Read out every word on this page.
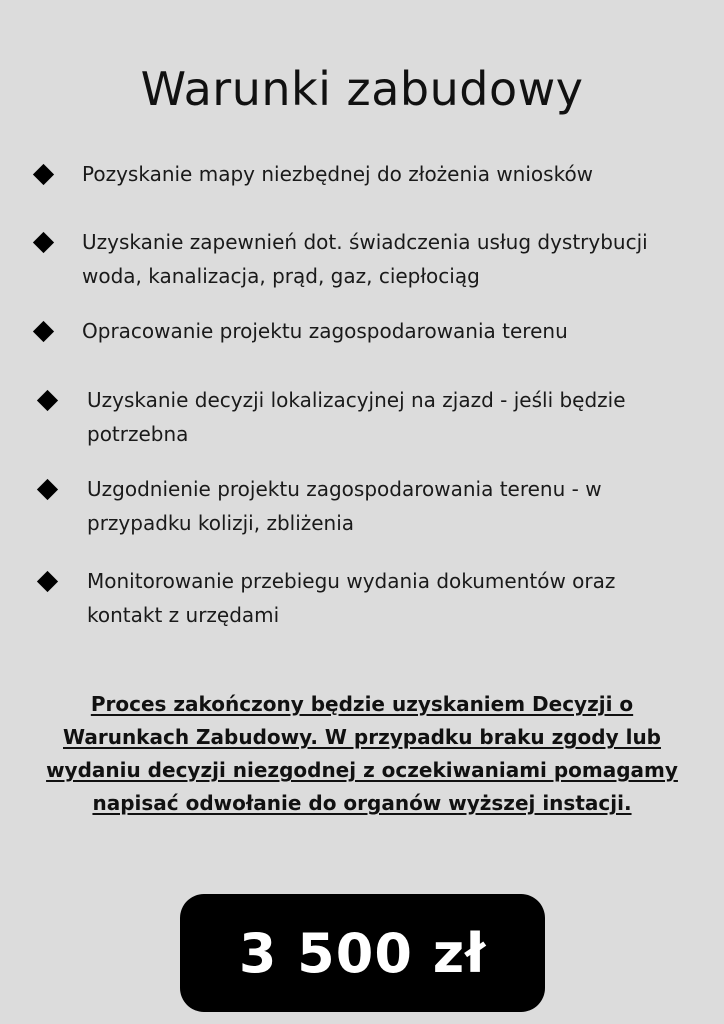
Warunki zabudowy
Pozyskanie mapy niezbędnej do złożenia wniosków
Uzyskanie zapewnień dot. świadczenia usług dystrybucji
woda, kanalizacja, prąd, gaz, ciepłociąg
Opracowanie projektu zagospodarowania terenu
Uzyskanie decyzji lokalizacyjnej na zjazd - jeśli będzie
potrzebna
Uzgodnienie projektu zagospodarowania terenu - w
przypadku kolizji, zbliżenia
Monitorowanie przebiegu wydania dokumentów oraz
kontakt z urzędami
Proces zakończony będzie uzyskaniem Decyzji o
Warunkach Zabudowy. W przypadku braku zgody lub
wydaniu decyzji niezgodnej z oczekiwaniami pomagamy
napisać odwołanie do organów wyższej instacji.
3 500 zł
